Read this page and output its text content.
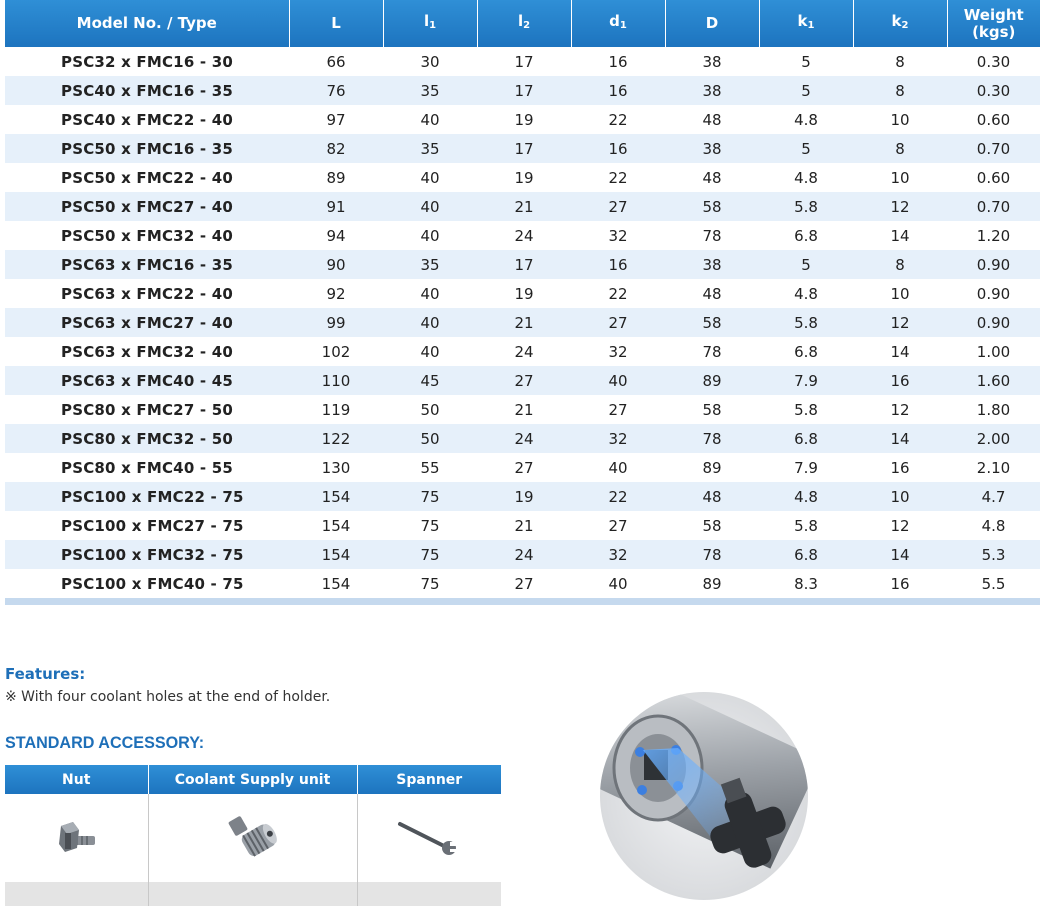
Model No. / Type	L	$l_1$	$l_2$	$d_1$	D	$k_1$	$k_2$	Weight
(kgs)
PSC32 x FMC16 - 30	66	30	17	16	38	5	8	0.30
PSC40 x FMC16 - 35	76	35	17	16	38	5	8	0.30
PSC40 x FMC22 - 40	97	40	19	22	48	4.8	10	0.60
PSC50 x FMC16 - 35	82	35	17	16	38	5	8	0.70
PSC50 x FMC22 - 40	89	40	19	22	48	4.8	10	0.60
PSC50 x FMC27 - 40	91	40	21	27	58	5.8	12	0.70
PSC50 x FMC32 - 40	94	40	24	32	78	6.8	14	1.20
PSC63 x FMC16 - 35	90	35	17	16	38	5	8	0.90
PSC63 x FMC22 - 40	92	40	19	22	48	4.8	10	0.90
PSC63 x FMC27 - 40	99	40	21	27	58	5.8	12	0.90
PSC63 x FMC32 - 40	102	40	24	32	78	6.8	14	1.00
PSC63 x FMC40 - 45	110	45	27	40	89	7.9	16	1.60
PSC80 x FMC27 - 50	119	50	21	27	58	5.8	12	1.80
PSC80 x FMC32 - 50	122	50	24	32	78	6.8	14	2.00
PSC80 x FMC40 - 55	130	55	27	40	89	7.9	16	2.10
PSC100 x FMC22 - 75	154	75	19	22	48	4.8	10	4.7
PSC100 x FMC27 - 75	154	75	21	27	58	5.8	12	4.8
PSC100 x FMC32 - 75	154	75	24	32	78	6.8	14	5.3
PSC100 x FMC40 - 75	154	75	27	40	89	8.3	16	5.5

Features:
※ With four coolant holes at the end of holder.
STANDARD ACCESSORY:
Nut	Coolant Supply unit	Spanner
